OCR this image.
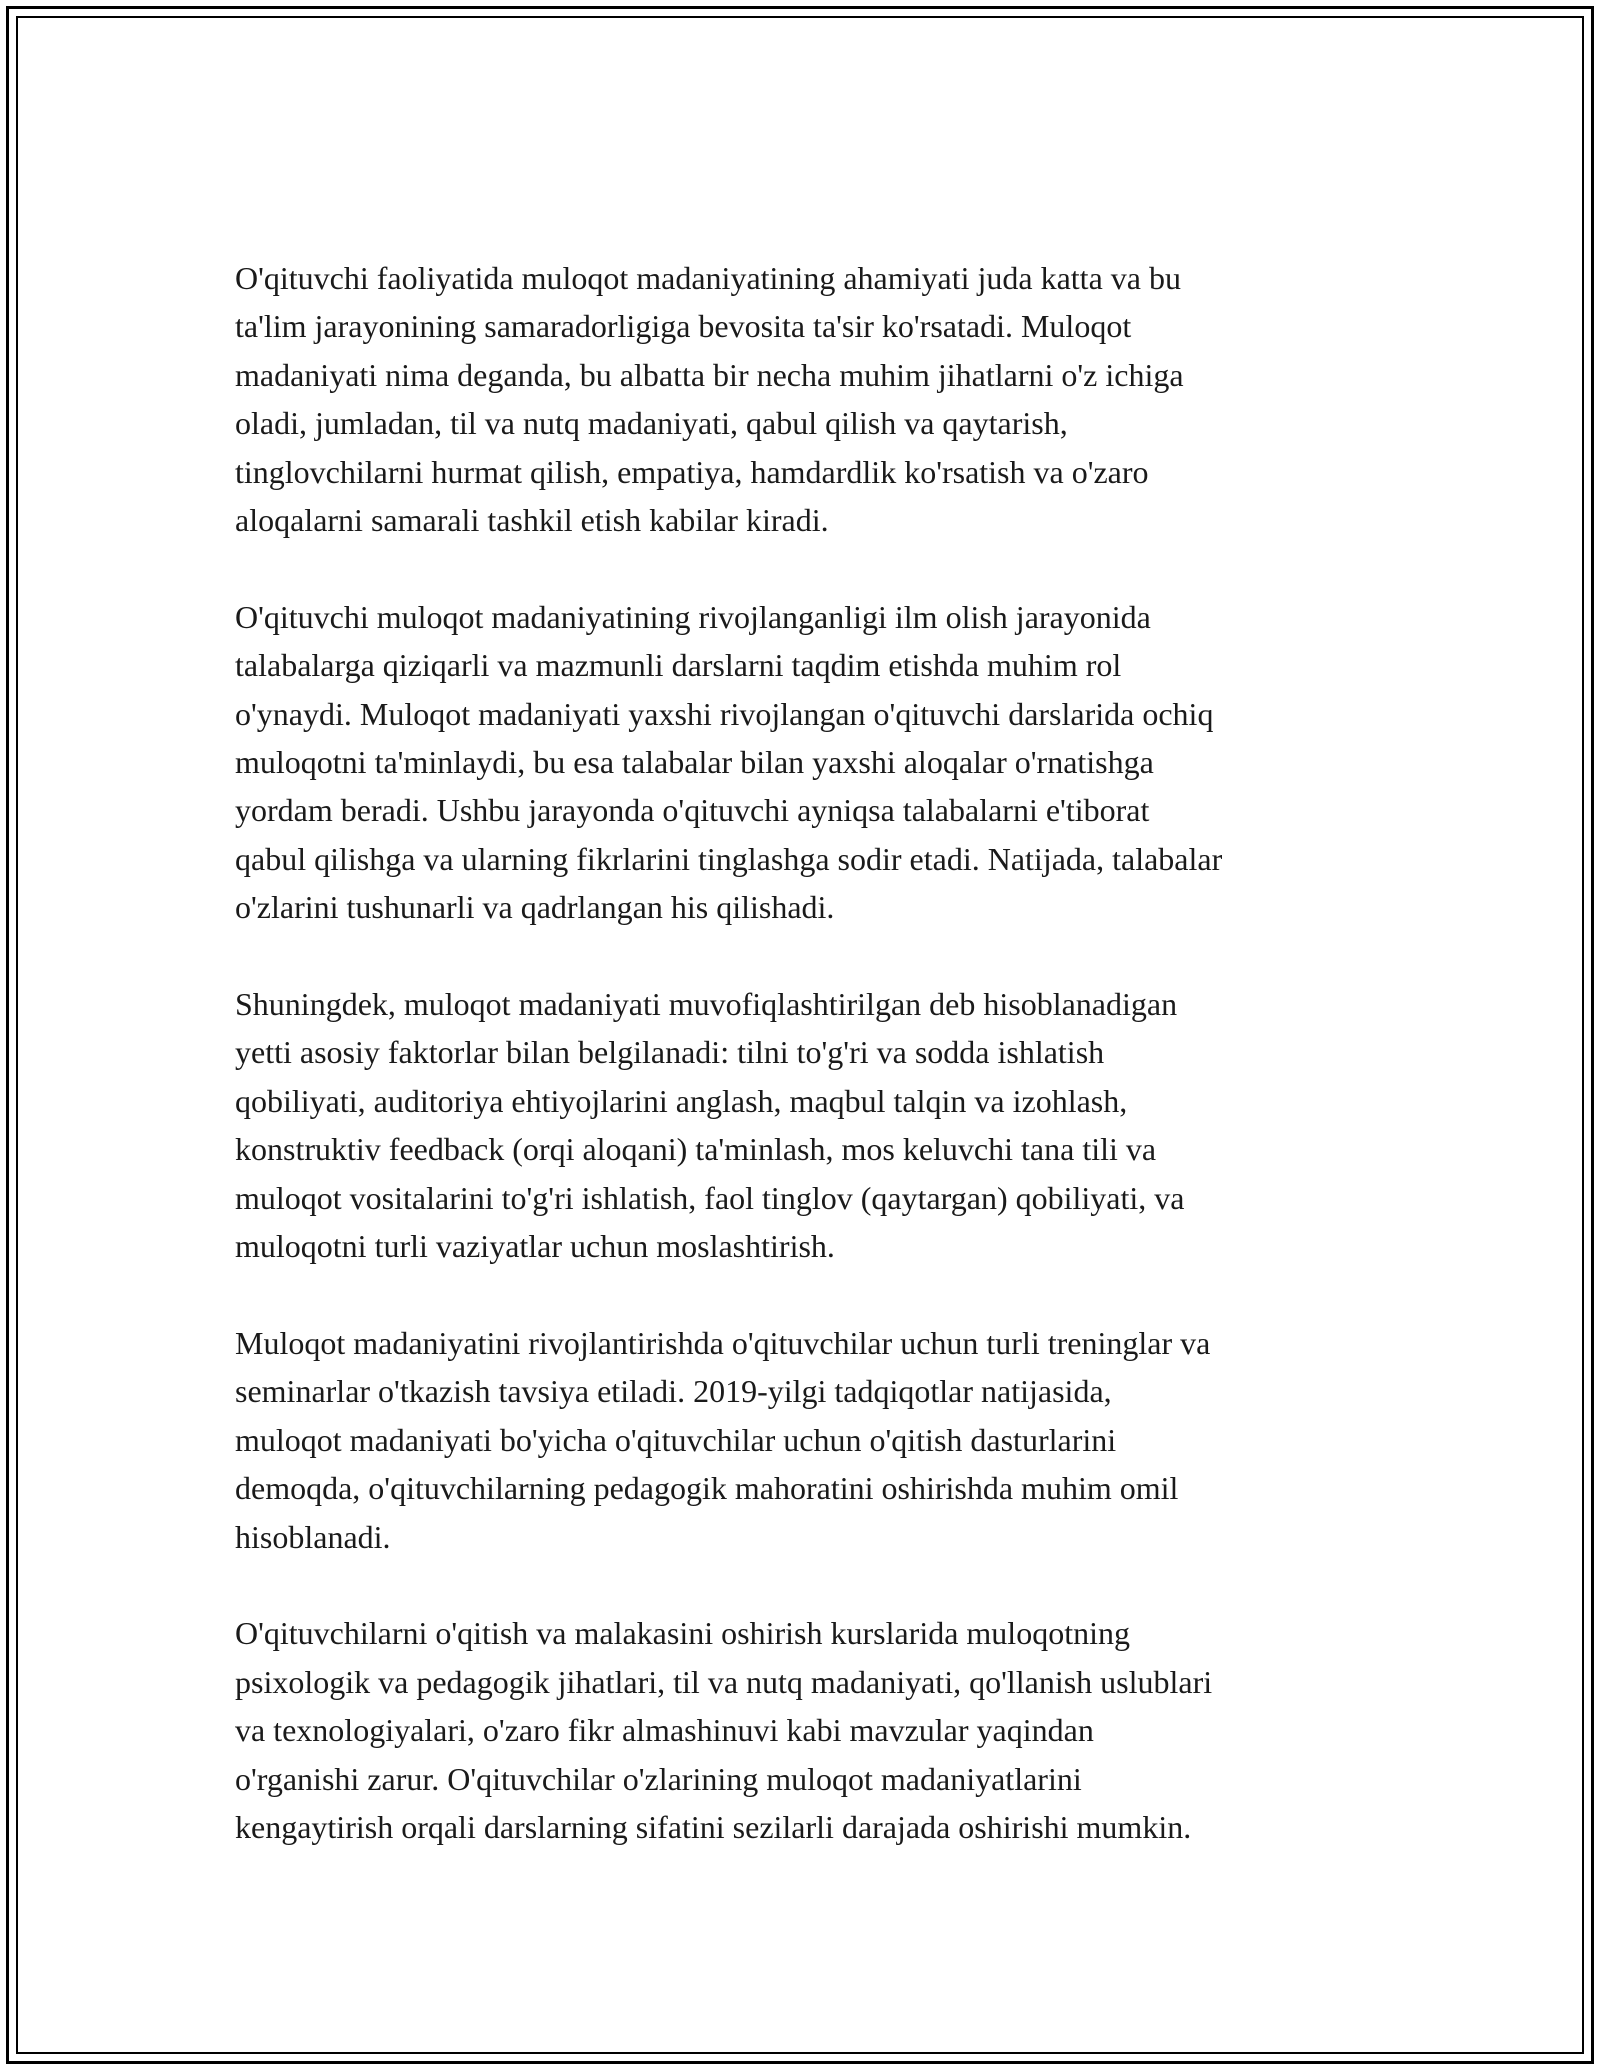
O'qituvchi faoliyatida muloqot madaniyatining ahamiyati juda katta va bu
ta'lim jarayonining samaradorligiga bevosita ta'sir ko'rsatadi. Muloqot
madaniyati nima deganda, bu albatta bir necha muhim jihatlarni o'z ichiga
oladi, jumladan, til va nutq madaniyati, qabul qilish va qaytarish,
tinglovchilarni hurmat qilish, empatiya, hamdardlik ko'rsatish va o'zaro
aloqalarni samarali tashkil etish kabilar kiradi.

O'qituvchi muloqot madaniyatining rivojlanganligi ilm olish jarayonida
talabalarga qiziqarli va mazmunli darslarni taqdim etishda muhim rol
o'ynaydi. Muloqot madaniyati yaxshi rivojlangan o'qituvchi darslarida ochiq
muloqotni ta'minlaydi, bu esa talabalar bilan yaxshi aloqalar o'rnatishga
yordam beradi. Ushbu jarayonda o'qituvchi ayniqsa talabalarni e'tiborat
qabul qilishga va ularning fikrlarini tinglashga sodir etadi. Natijada, talabalar
o'zlarini tushunarli va qadrlangan his qilishadi.

Shuningdek, muloqot madaniyati muvofiqlashtirilgan deb hisoblanadigan
yetti asosiy faktorlar bilan belgilanadi: tilni to'g'ri va sodda ishlatish
qobiliyati, auditoriya ehtiyojlarini anglash, maqbul talqin va izohlash,
konstruktiv feedback (orqi aloqani) ta'minlash, mos keluvchi tana tili va
muloqot vositalarini to'g'ri ishlatish, faol tinglov (qaytargan) qobiliyati, va
muloqotni turli vaziyatlar uchun moslashtirish.

Muloqot madaniyatini rivojlantirishda o'qituvchilar uchun turli treninglar va
seminarlar o'tkazish tavsiya etiladi. 2019-yilgi tadqiqotlar natijasida,
muloqot madaniyati bo'yicha o'qituvchilar uchun o'qitish dasturlarini
demoqda, o'qituvchilarning pedagogik mahoratini oshirishda muhim omil
hisoblanadi.

O'qituvchilarni o'qitish va malakasini oshirish kurslarida muloqotning
psixologik va pedagogik jihatlari, til va nutq madaniyati, qo'llanish uslublari
va texnologiyalari, o'zaro fikr almashinuvi kabi mavzular yaqindan
o'rganishi zarur. O'qituvchilar o'zlarining muloqot madaniyatlarini
kengaytirish orqali darslarning sifatini sezilarli darajada oshirishi mumkin.
